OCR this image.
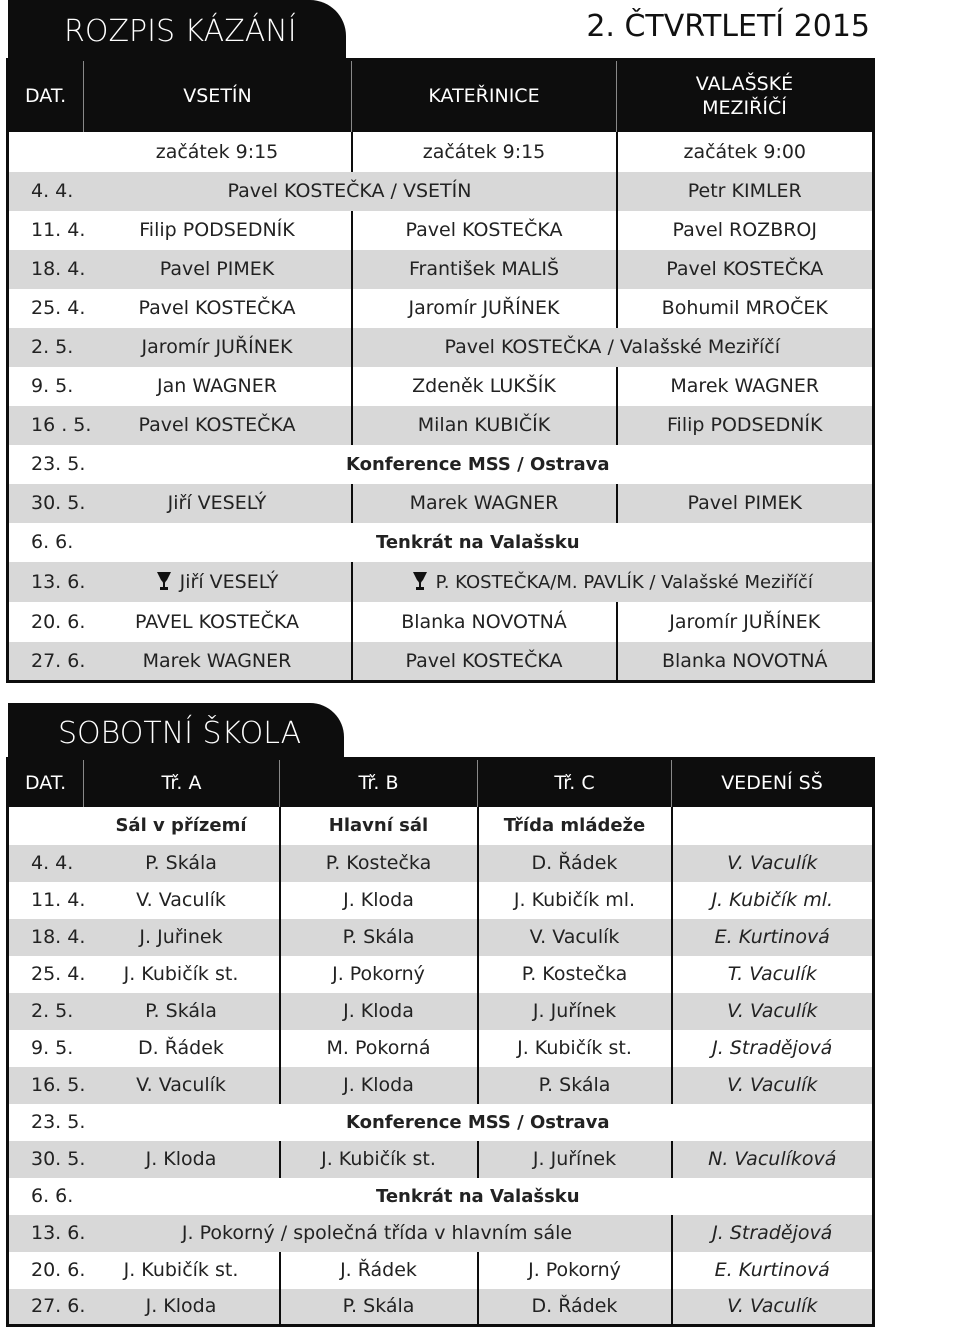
ROZPIS KÁZÁNÍ	2. ČTVRTLETÍ 2015
DAT.	VSETÍN	KATEŘINICE	VALAŠSKÉ MEZIŘÍČÍ
	začátek 9:15	začátek 9:15	začátek 9:00
4. 4.	Pavel KOSTEČKA / VSETÍN		Petr KIMLER
11. 4.	Filip PODSEDNÍK	Pavel KOSTEČKA	Pavel ROZBROJ
18. 4.	Pavel PIMEK	František MALIŠ	Pavel KOSTEČKA
25. 4.	Pavel KOSTEČKA	Jaromír JUŘÍNEK	Bohumil MROČEK
2. 5.	Jaromír JUŘÍNEK	Pavel KOSTEČKA / Valašské Meziříčí	
9. 5.	Jan WAGNER	Zdeněk LUKŠÍK	Marek WAGNER
16 . 5.	Pavel KOSTEČKA	Milan KUBIČÍK	Filip PODSEDNÍK
23. 5.	Konference MSS / Ostrava		
30. 5.	Jiří VESELÝ	Marek WAGNER	Pavel PIMEK
6. 6.	Tenkrát na Valašsku		
13. 6.	Jiří VESELÝ	P. KOSTEČKA/M. PAVLÍK / Valašské Meziříčí	
20. 6.	PAVEL KOSTEČKA	Blanka NOVOTNÁ	Jaromír JUŘÍNEK
27. 6.	Marek WAGNER	Pavel KOSTEČKA	Blanka NOVOTNÁ
SOBOTNÍ ŠKOLA
DAT.	Tř. A	Tř. B	Tř. C	VEDENÍ SŠ
	Sál v přízemí	Hlavní sál	Třída mládeže	
4. 4.	P. Skála	P. Kostečka	D. Řádek	V. Vaculík
11. 4.	V. Vaculík	J. Kloda	J. Kubičík ml.	J. Kubičík ml.
18. 4.	J. Juřinek	P. Skála	V. Vaculík	E. Kurtinová
25. 4.	J. Kubičík st.	J. Pokorný	P. Kostečka	T. Vaculík
2. 5.	P. Skála	J. Kloda	J. Juřínek	V. Vaculík
9. 5.	D. Řádek	M. Pokorná	J. Kubičík st.	J. Stradějová
16. 5.	V. Vaculík	J. Kloda	P. Skála	V. Vaculík
23. 5.	Konference MSS / Ostrava			
30. 5.	J. Kloda	J. Kubičík st.	J. Juřínek	N. Vaculíková
6. 6.	Tenkrát na Valašsku			
13. 6.	J. Pokorný / společná třída v hlavním sále			J. Stradějová
20. 6.	J. Kubičík st.	J. Řádek	J. Pokorný	E. Kurtinová
27. 6.	J. Kloda	P. Skála	D. Řádek	V. Vaculík
